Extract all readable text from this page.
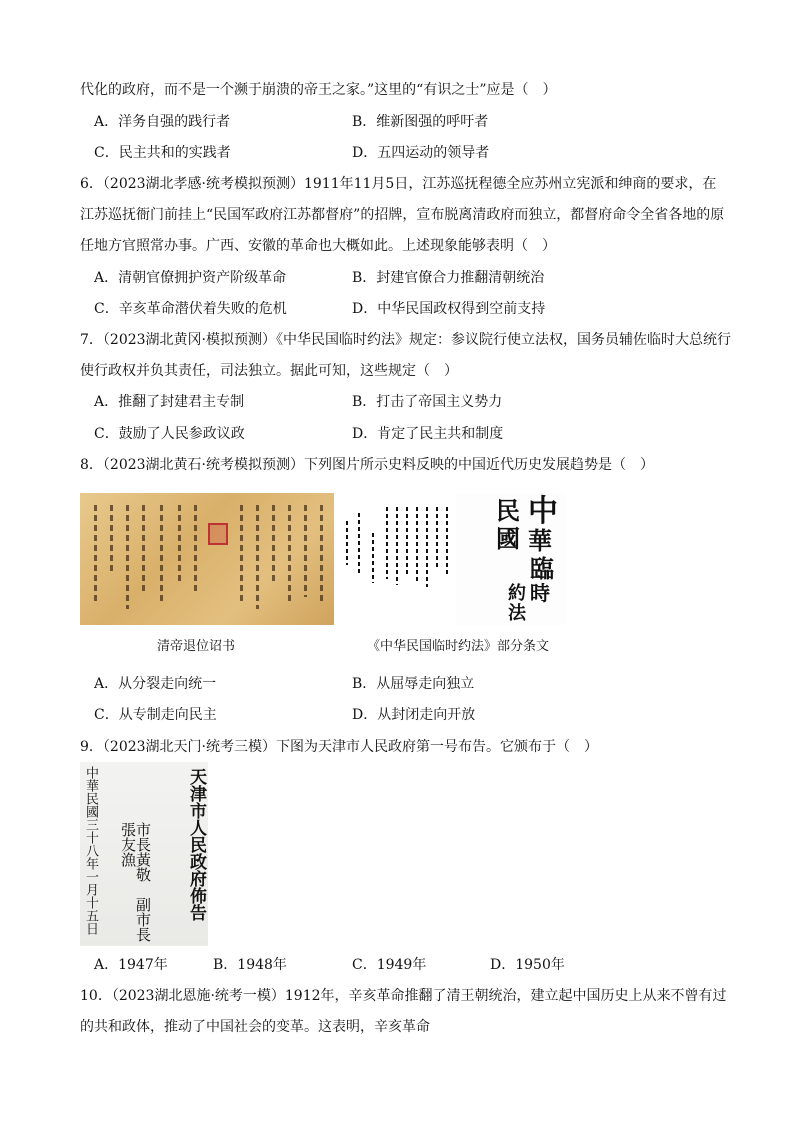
代化的政府，而不是一个濒于崩溃的帝王之家。”这里的“有识之士”应是（　）
A．洋务自强的践行者	B．维新图强的呼吁者
C．民主共和的实践者	D．五四运动的领导者
6．（2023湖北孝感·统考模拟预测）1911年11月5日，江苏巡抚程德全应苏州立宪派和绅商的要求，在
江苏巡抚衙门前挂上“民国军政府江苏都督府”的招牌，宣布脱离清政府而独立，都督府命令全省各地的原
任地方官照常办事。广西、安徽的革命也大概如此。上述现象能够表明（　）
A．清朝官僚拥护资产阶级革命	B．封建官僚合力推翻清朝统治
C．辛亥革命潜伏着失败的危机	D．中华民国政权得到空前支持
7．（2023湖北黄冈·模拟预测）《中华民国临时约法》规定：参议院行使立法权，国务员辅佐临时大总统行
使行政权并负其责任，司法独立。据此可知，这些规定（　）
A．推翻了封建君主专制	B．打击了帝国主义势力
C．鼓励了人民参政议政	D．肯定了民主共和制度
8．（2023湖北黄石·统考模拟预测）下列图片所示史料反映的中国近代历史发展趋势是（　）
中
華
民
國
臨
時
約
法
清帝退位诏书	《中华民国临时约法》部分条文
A．从分裂走向统一	B．从屈辱走向独立
C．从专制走向民主	D．从封闭走向开放
9．（2023湖北天门·统考三模）下图为天津市人民政府第一号布告。它颁布于（　）
天津市人民政府佈告
市長黃敬　副市長張友漁
中華民國三十八年一月十五日
A．1947年	B．1948年	C．1949年	D．1950年
10．（2023湖北恩施·统考一模）1912年，辛亥革命推翻了清王朝统治，建立起中国历史上从来不曾有过
的共和政体，推动了中国社会的变革。这表明，辛亥革命
